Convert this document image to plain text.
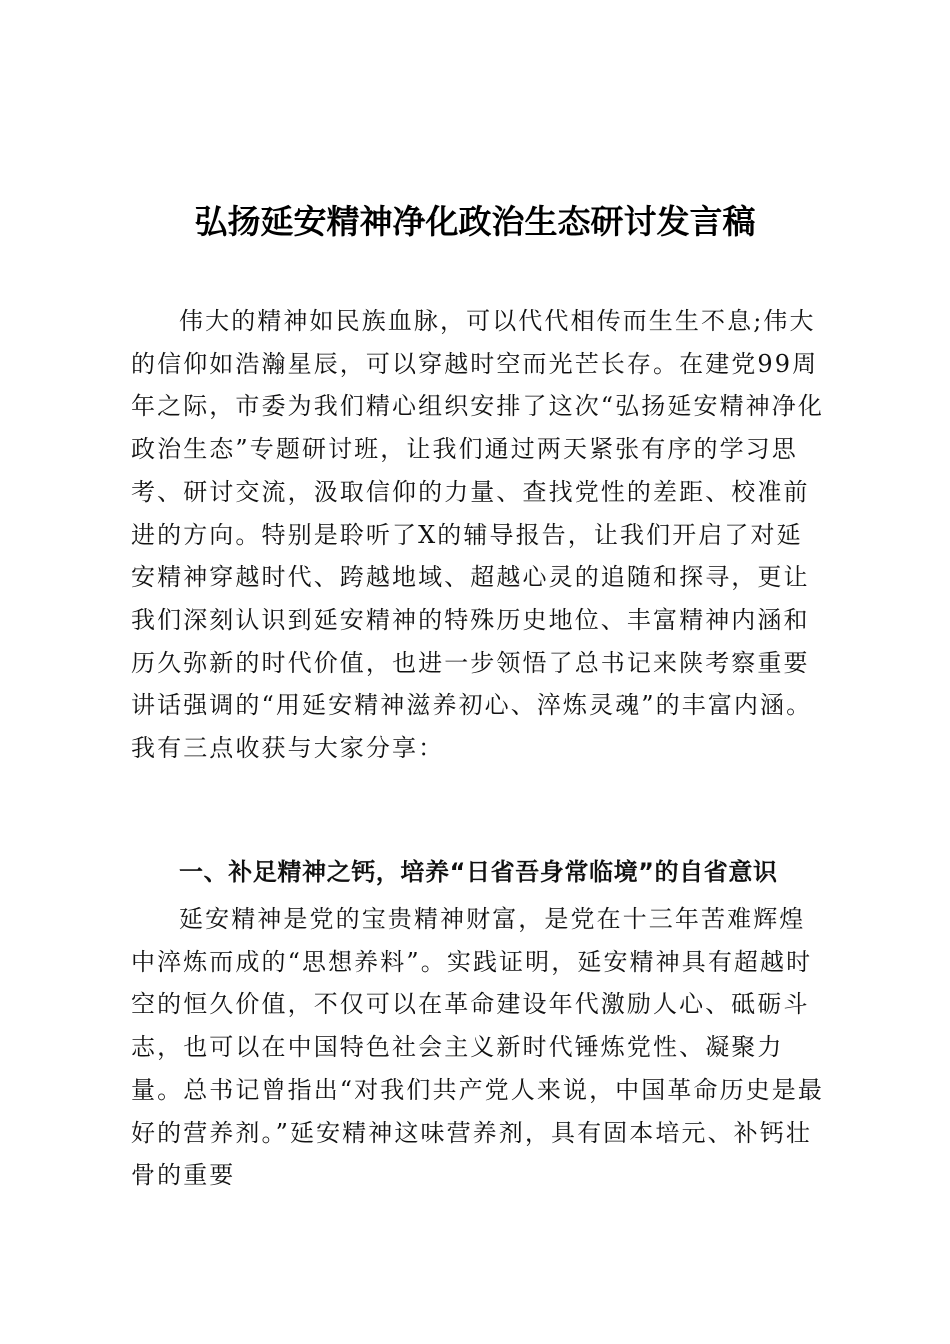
弘扬延安精神净化政治生态研讨发言稿
伟大的精神如民族血脉，可以代代相传而生生不息;伟大的信仰如浩瀚星辰，可以穿越时空而光芒长存。在建党99周年之际，市委为我们精心组织安排了这次“弘扬延安精神净化政治生态”专题研讨班，让我们通过两天紧张有序的学习思考、研讨交流，汲取信仰的力量、查找党性的差距、校准前进的方向。特别是聆听了X的辅导报告，让我们开启了对延安精神穿越时代、跨越地域、超越心灵的追随和探寻，更让我们深刻认识到延安精神的特殊历史地位、丰富精神内涵和历久弥新的时代价值，也进一步领悟了总书记来陕考察重要讲话强调的“用延安精神滋养初心、淬炼灵魂”的丰富内涵。我有三点收获与大家分享：
一、补足精神之钙，培养“日省吾身常临境”的自省意识
延安精神是党的宝贵精神财富，是党在十三年苦难辉煌中淬炼而成的“思想养料”。实践证明，延安精神具有超越时空的恒久价值，不仅可以在革命建设年代激励人心、砥砺斗志，也可以在中国特色社会主义新时代锤炼党性、凝聚力量。总书记曾指出“对我们共产党人来说，中国革命历史是最好的营养剂。”延安精神这味营养剂，具有固本培元、补钙壮骨的重要
